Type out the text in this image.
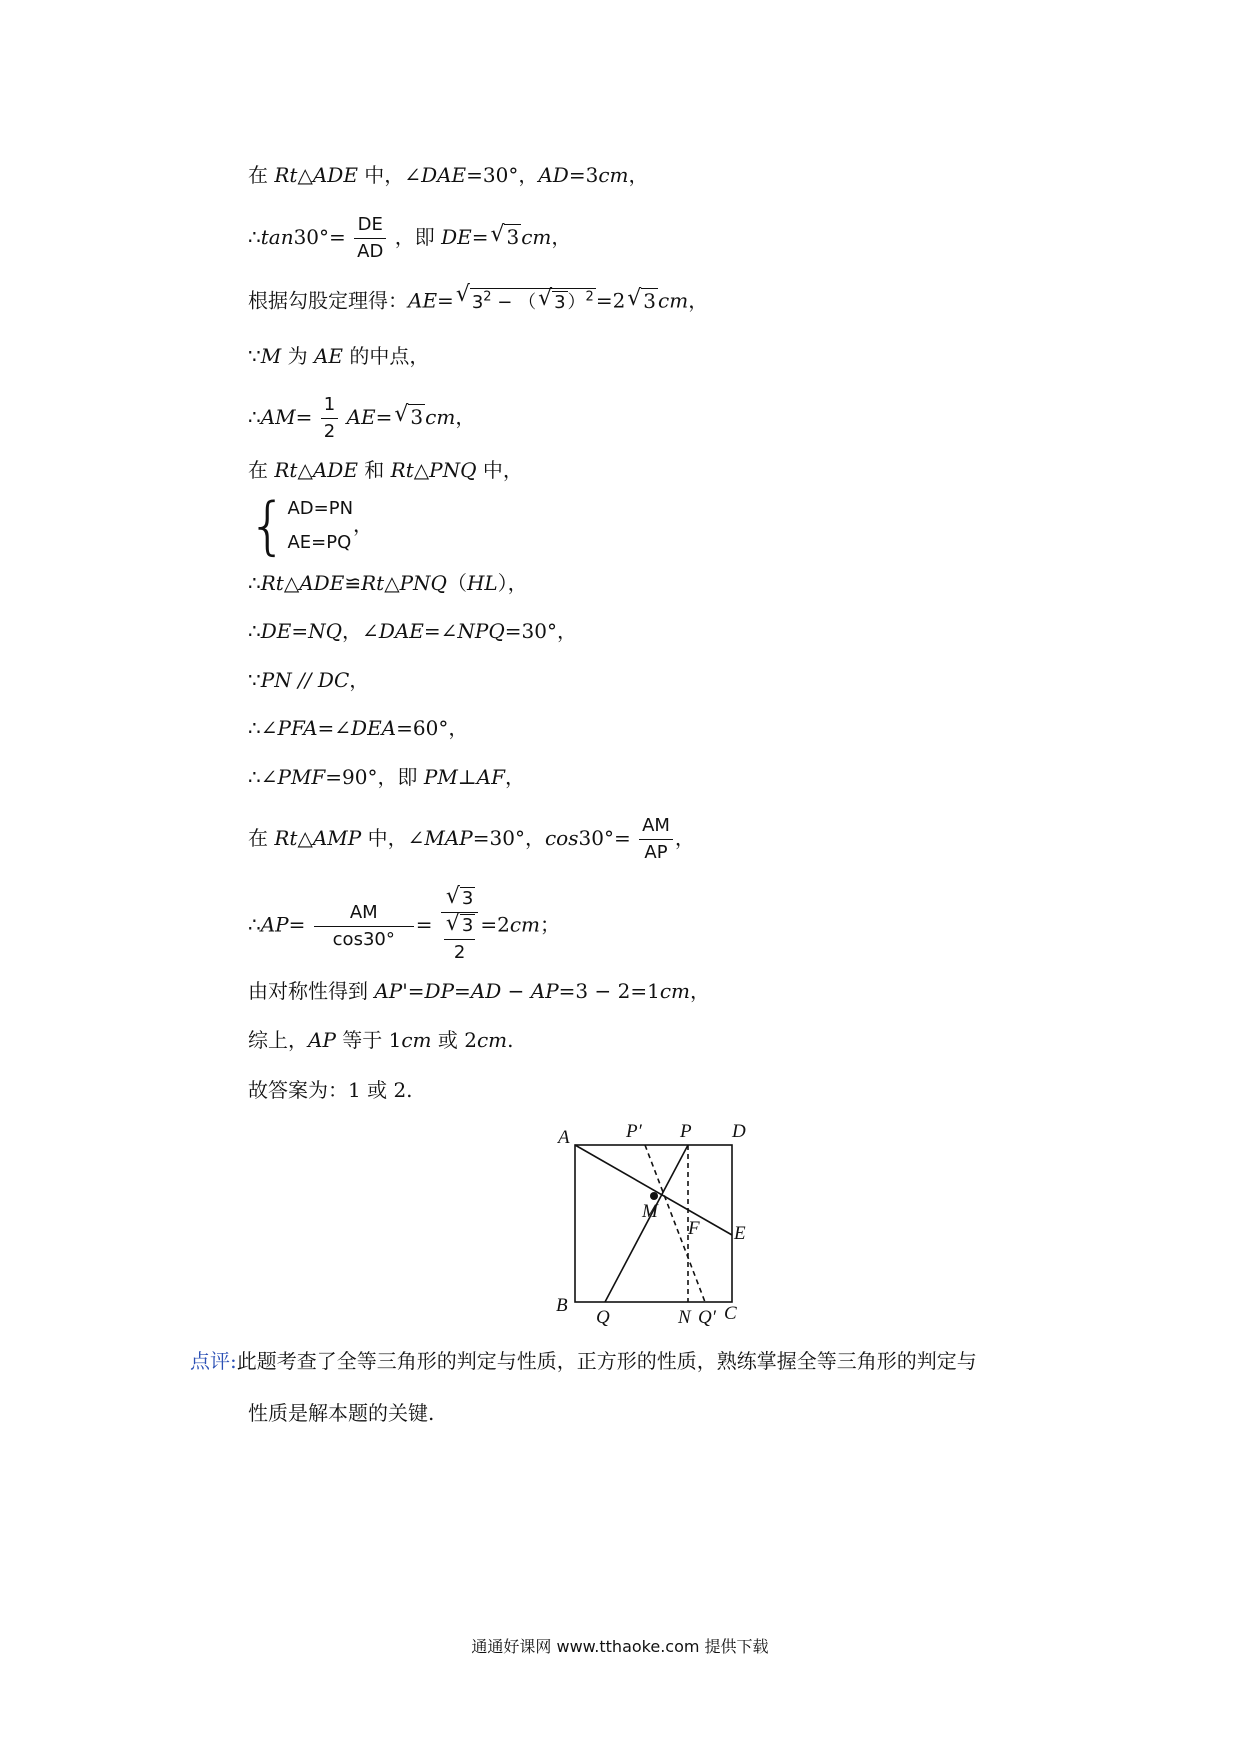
在 Rt△ADE 中，∠DAE=30°，AD=3cm，
∴tan30°= $\frac{DE}{AD}$ ，即 DE=√ 3 cm，
根据勾股定理得：AE=√ $3^2$ − （√ 3 ）$^2$ =2√ 3 cm，
∵M 为 AE 的中点，
∴AM= $\frac{1}{2} AE=√$ 3 cm，
在 Rt△ADE 和 Rt△PNQ 中，
{ AD=PN
AE=PQ
，
∴Rt△ADE≌Rt△PNQ（HL），
∴DE=NQ，∠DAE=∠NPQ=30°，
∵PN // DC，
∴∠PFA=∠DEA=60°，
∴∠PMF=90°，即 PM⊥AF，
在 Rt△AMP 中，∠MAP=30°，$\cos 30^\circ= \frac{AM}{AP}$ ，
∴AP= $\frac{AM}{\cos 30^\circ}$ =
√ 3
√ $\frac{3}{2} =2cm$；
由对称性得到 AP'=DP=AD − AP=3 − 2=1cm，
综上，AP 等于 1cm 或 2cm.
故答案为：1 或 2.
A	P′ P D
M
F E
B
Q	N Q′ C
点评:此题考查了全等三角形的判定与性质，正方形的性质，熟练掌握全等三角形的判定与
性质是解本题的关键.
通通好课网 www.tthaoke.com 提供下载
